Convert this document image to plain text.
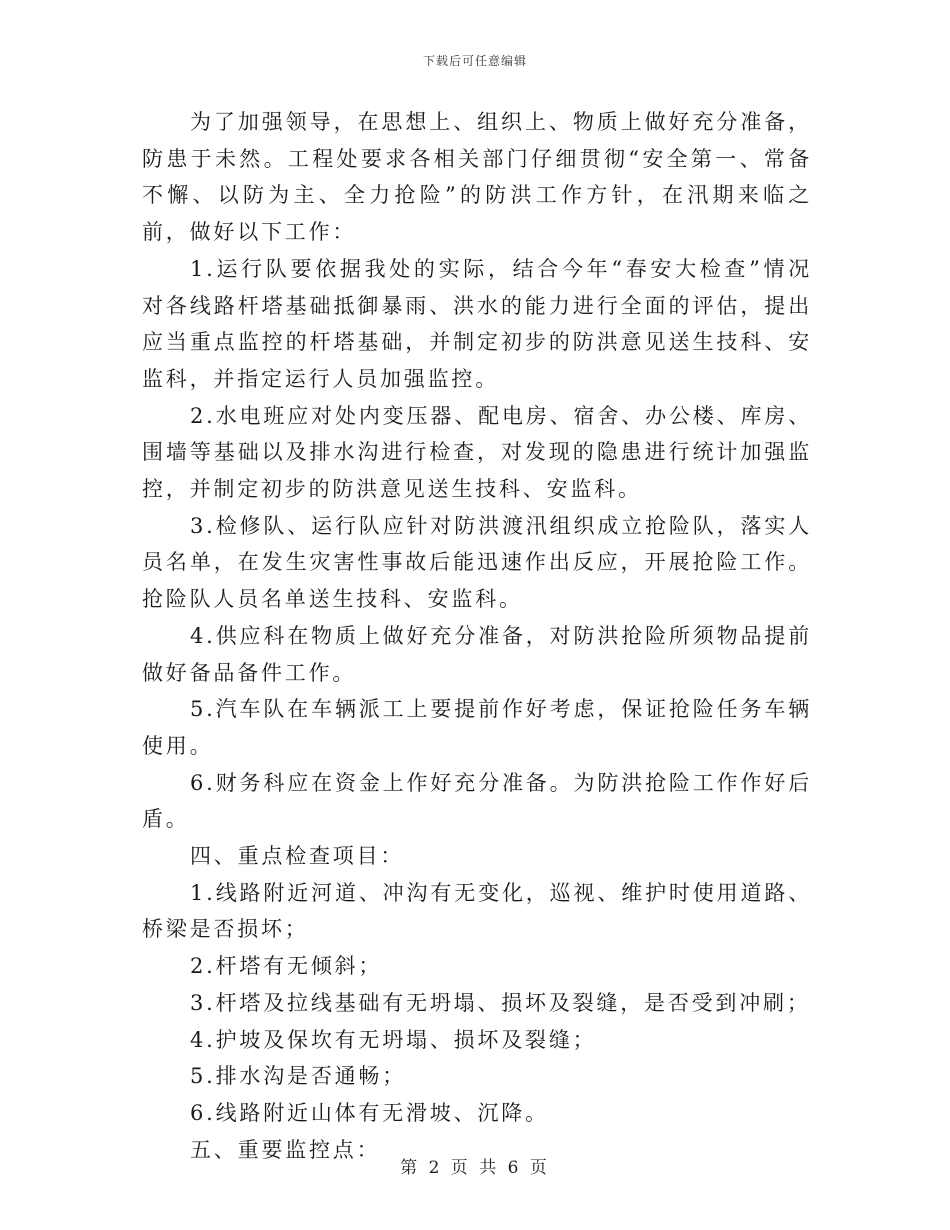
下载后可任意编辑

为了加强领导，在思想上、组织上、物质上做好充分准备，防患于未然。工程处要求各相关部门仔细贯彻“安全第一、常备不懈、以防为主、全力抢险”的防洪工作方针，在汛期来临之前，做好以下工作：

1.运行队要依据我处的实际，结合今年“春安大检查”情况对各线路杆塔基础抵御暴雨、洪水的能力进行全面的评估，提出应当重点监控的杆塔基础，并制定初步的防洪意见送生技科、安监科，并指定运行人员加强监控。

2.水电班应对处内变压器、配电房、宿舍、办公楼、库房、围墙等基础以及排水沟进行检查，对发现的隐患进行统计加强监控，并制定初步的防洪意见送生技科、安监科。

3.检修队、运行队应针对防洪渡汛组织成立抢险队，落实人员名单，在发生灾害性事故后能迅速作出反应，开展抢险工作。抢险队人员名单送生技科、安监科。

4.供应科在物质上做好充分准备，对防洪抢险所须物品提前做好备品备件工作。

5.汽车队在车辆派工上要提前作好考虑，保证抢险任务车辆使用。

6.财务科应在资金上作好充分准备。为防洪抢险工作作好后盾。

四、重点检查项目：

1.线路附近河道、冲沟有无变化，巡视、维护时使用道路、桥梁是否损坏；

2.杆塔有无倾斜；

3.杆塔及拉线基础有无坍塌、损坏及裂缝，是否受到冲刷；

4.护坡及保坎有无坍塌、损坏及裂缝；

5.排水沟是否通畅；

6.线路附近山体有无滑坡、沉降。

五、重要监控点：

第 2 页 共 6 页
